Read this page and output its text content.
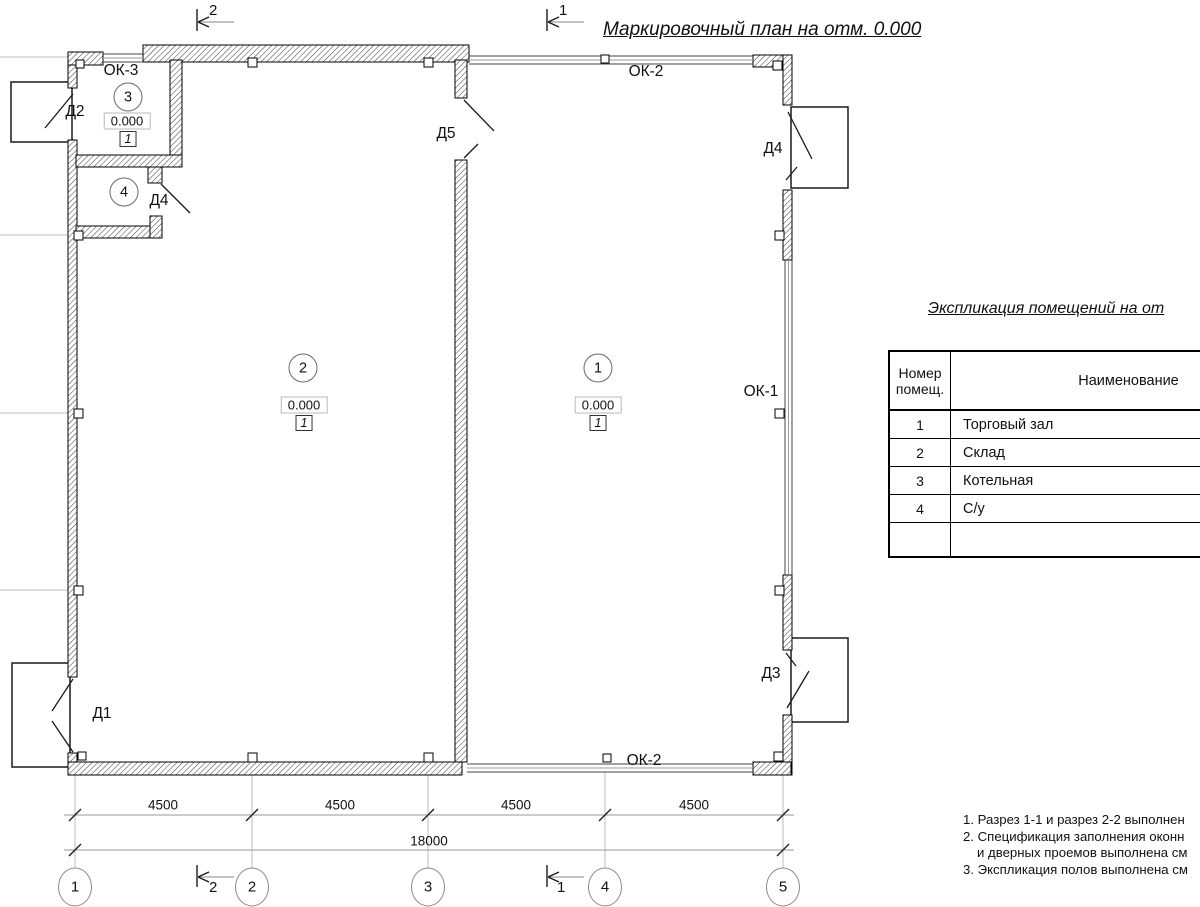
Маркировочный план на отм. 0.000
Экспликация помещений на от
2	1
2	1
ОК-3	ОК-2
ОК-1
ОК-2
Д2
Д4
Д5
Д4
Д3
Д1
3
4
2	1
0.000
1
0.000
1
0.000
1
4500	4500	4500	4500
18000
1	2	3	4	5
Номер
помещ.	Наименование
1	Торговый зал
2	Склад
3	Котельная
4	С/у
1. Разрез 1-1 и разрез 2-2 выполнен
2. Спецификация заполнения оконн
и дверных проемов выполнена см
3. Экспликация полов выполнена см
